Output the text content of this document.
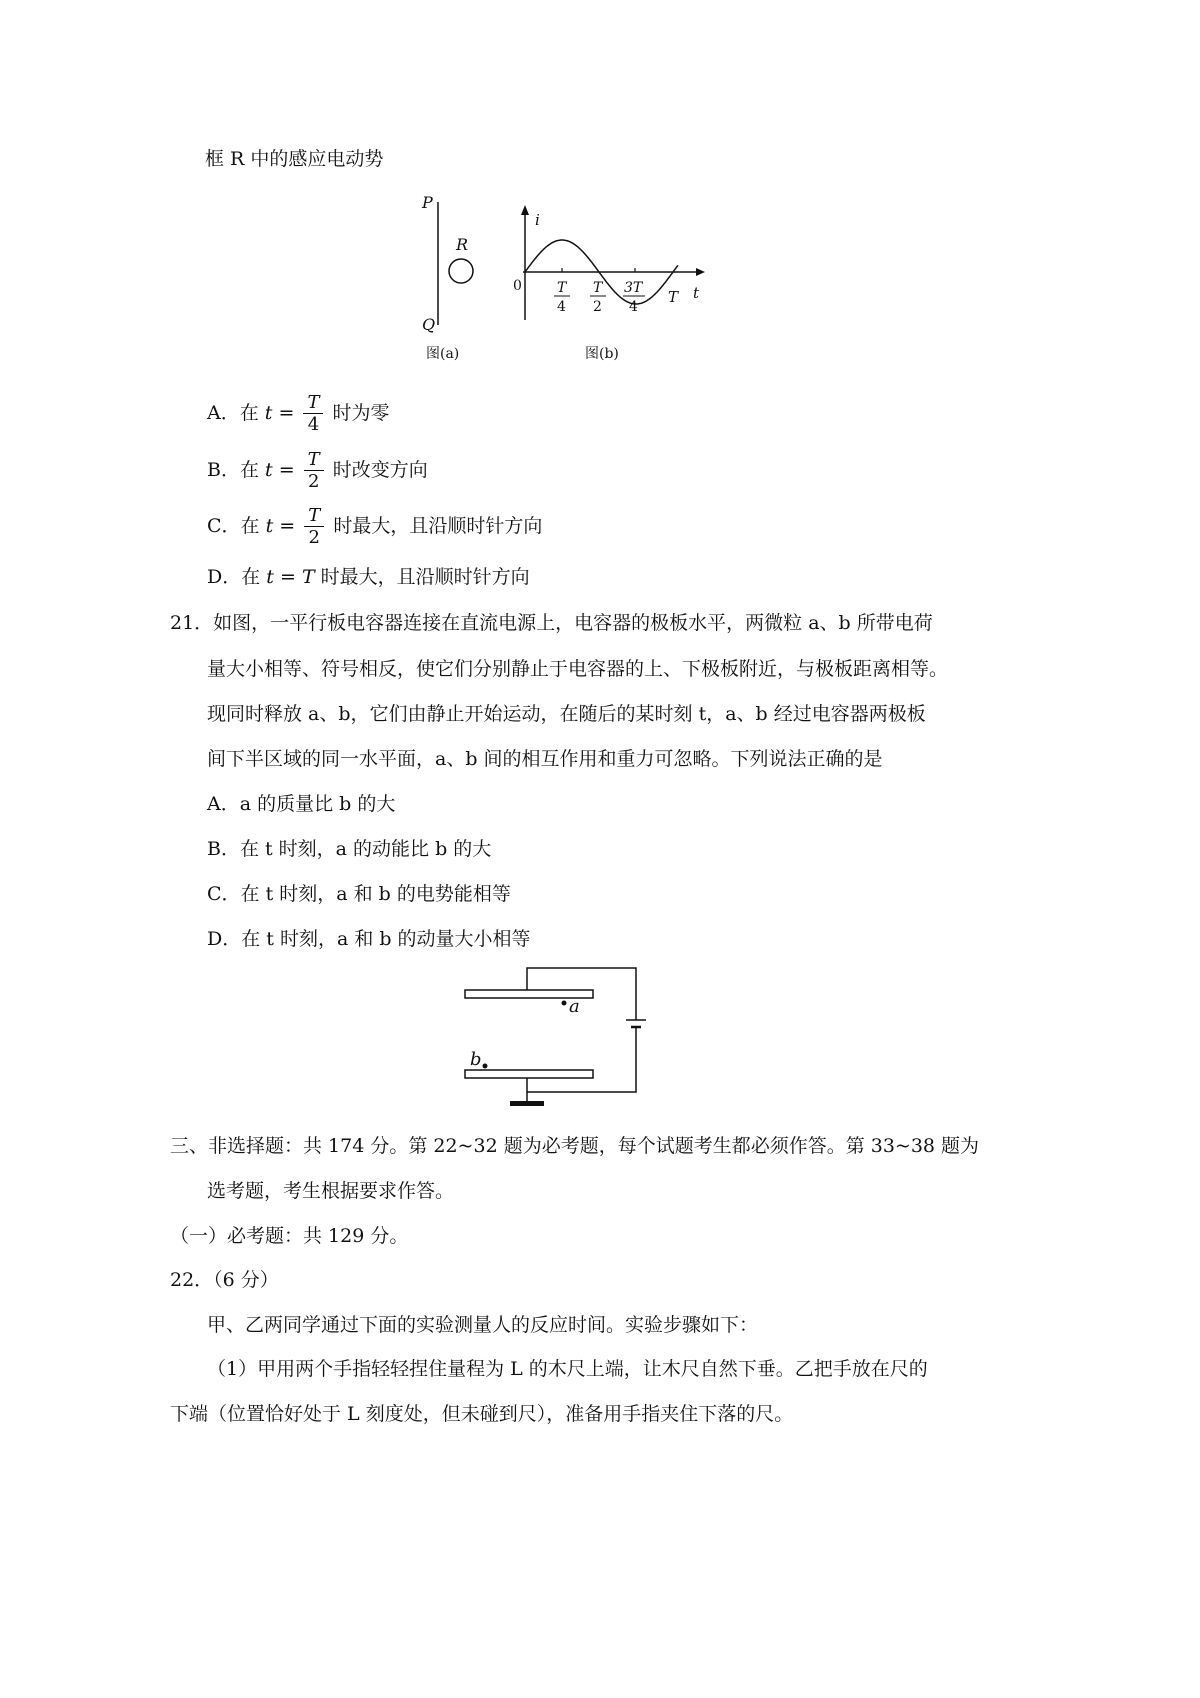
框 R 中的感应电动势
P
Q
R
图(a)
i
t
0	T
4
T
2
3T
4
T
图(b)
A．在 $t = \frac{T}{4}$ 时为零
B．在 $t = \frac{T}{2}$ 时改变方向
C．在 $t = \frac{T}{2}$ 时最大，且沿顺时针方向
D．在 t = T 时最大，且沿顺时针方向
21．如图，一平行板电容器连接在直流电源上，电容器的极板水平，两微粒 a、b 所带电荷
量大小相等、符号相反，使它们分别静止于电容器的上、下极板附近，与极板距离相等。
现同时释放 a、b，它们由静止开始运动，在随后的某时刻 t，a、b 经过电容器两极板
间下半区域的同一水平面，a、b 间的相互作用和重力可忽略。下列说法正确的是
A．a 的质量比 b 的大
B．在 t 时刻，a 的动能比 b 的大
C．在 t 时刻，a 和 b 的电势能相等
D．在 t 时刻，a 和 b 的动量大小相等
a
b
三、非选择题：共 174 分。第 22~32 题为必考题，每个试题考生都必须作答。第 33~38 题为
选考题，考生根据要求作答。
（一）必考题：共 129 分。
22．（6 分）
甲、乙两同学通过下面的实验测量人的反应时间。实验步骤如下：
（1）甲用两个手指轻轻捏住量程为 L 的木尺上端，让木尺自然下垂。乙把手放在尺的
下端（位置恰好处于 L 刻度处，但未碰到尺），准备用手指夹住下落的尺。
